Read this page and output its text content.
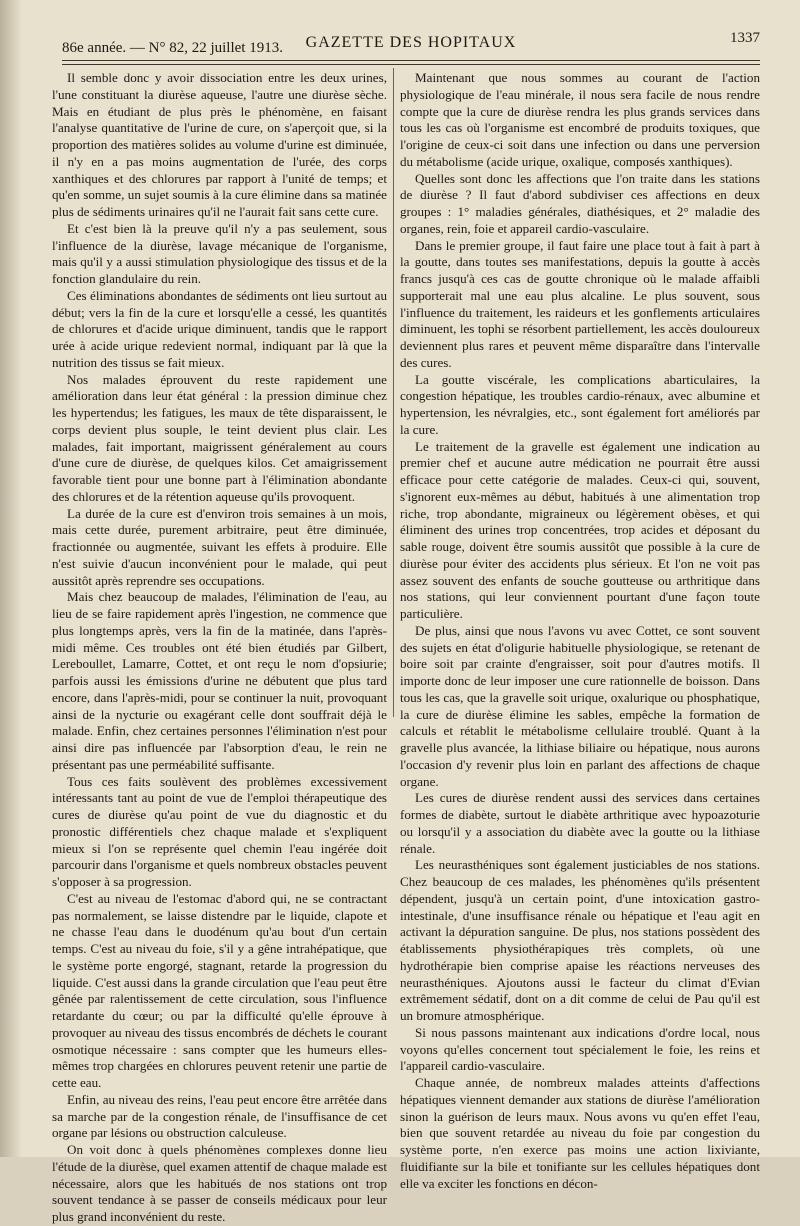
86e année. — N° 82, 22 juillet 1913.	GAZETTE DES HOPITAUX	1337

Il semble donc y avoir dissociation entre les deux urines, l'une constituant la diurèse aqueuse, l'autre une diurèse sèche. Mais en étudiant de plus près le phénomène, en faisant l'analyse quantitative de l'urine de cure, on s'aperçoit que, si la proportion des matières solides au volume d'urine est diminuée, il n'y en a pas moins augmentation de l'urée, des corps xanthiques et des chlorures par rapport à l'unité de temps; et qu'en somme, un sujet soumis à la cure élimine dans sa matinée plus de sédiments urinaires qu'il ne l'aurait fait sans cette cure.

Et c'est bien là la preuve qu'il n'y a pas seulement, sous l'influence de la diurèse, lavage mécanique de l'organisme, mais qu'il y a aussi stimulation physiologique des tissus et de la fonction glandulaire du rein.

Ces éliminations abondantes de sédiments ont lieu surtout au début; vers la fin de la cure et lorsqu'elle a cessé, les quantités de chlorures et d'acide urique diminuent, tandis que le rapport urée à acide urique redevient normal, indiquant par là que la nutrition des tissus se fait mieux.

Nos malades éprouvent du reste rapidement une amélioration dans leur état général : la pression diminue chez les hypertendus; les fatigues, les maux de tête disparaissent, le corps devient plus souple, le teint devient plus clair. Les malades, fait important, maigrissent généralement au cours d'une cure de diurèse, de quelques kilos. Cet amaigrissement favorable tient pour une bonne part à l'élimination abondante des chlorures et de la rétention aqueuse qu'ils provoquent.

La durée de la cure est d'environ trois semaines à un mois, mais cette durée, purement arbitraire, peut être diminuée, fractionnée ou augmentée, suivant les effets à produire. Elle n'est suivie d'aucun inconvénient pour le malade, qui peut aussitôt après reprendre ses occupations.

Mais chez beaucoup de malades, l'élimination de l'eau, au lieu de se faire rapidement après l'ingestion, ne commence que plus longtemps après, vers la fin de la matinée, dans l'après-midi même. Ces troubles ont été bien étudiés par Gilbert, Lereboullet, Lamarre, Cottet, et ont reçu le nom d'opsiurie; parfois aussi les émissions d'urine ne débutent que plus tard encore, dans l'après-midi, pour se continuer la nuit, provoquant ainsi de la nycturie ou exagérant celle dont souffrait déjà le malade. Enfin, chez certaines personnes l'élimination n'est pour ainsi dire pas influencée par l'absorption d'eau, le rein ne présentant pas une perméabilité suffisante.

Tous ces faits soulèvent des problèmes excessivement intéressants tant au point de vue de l'emploi thérapeutique des cures de diurèse qu'au point de vue du diagnostic et du pronostic différentiels chez chaque malade et s'expliquent mieux si l'on se représente quel chemin l'eau ingérée doit parcourir dans l'organisme et quels nombreux obstacles peuvent s'opposer à sa progression.

C'est au niveau de l'estomac d'abord qui, ne se contractant pas normalement, se laisse distendre par le liquide, clapote et ne chasse l'eau dans le duodénum qu'au bout d'un certain temps. C'est au niveau du foie, s'il y a gêne intrahépatique, que le système porte engorgé, stagnant, retarde la progression du liquide. C'est aussi dans la grande circulation que l'eau peut être gênée par ralentissement de cette circulation, sous l'influence retardante du cœur; ou par la difficulté qu'elle éprouve à provoquer au niveau des tissus encombrés de déchets le courant osmotique nécessaire : sans compter que les humeurs elles-mêmes trop chargées en chlorures peuvent retenir une partie de cette eau.

Enfin, au niveau des reins, l'eau peut encore être arrêtée dans sa marche par de la congestion rénale, de l'insuffisance de cet organe par lésions ou obstruction calculeuse.

On voit donc à quels phénomènes complexes donne lieu l'étude de la diurèse, quel examen attentif de chaque malade est nécessaire, alors que les habitués de nos stations ont trop souvent tendance à se passer de conseils médicaux pour leur plus grand inconvénient du reste.

Maintenant que nous sommes au courant de l'action physiologique de l'eau minérale, il nous sera facile de nous rendre compte que la cure de diurèse rendra les plus grands services dans tous les cas où l'organisme est encombré de produits toxiques, que l'origine de ceux-ci soit dans une infection ou dans une perversion du métabolisme (acide urique, oxalique, composés xanthiques).

Quelles sont donc les affections que l'on traite dans les stations de diurèse ? Il faut d'abord subdiviser ces affections en deux groupes : 1° maladies générales, diathésiques, et 2° maladie des organes, rein, foie et appareil cardio-vasculaire.

Dans le premier groupe, il faut faire une place tout à fait à part à la goutte, dans toutes ses manifestations, depuis la goutte à accès francs jusqu'à ces cas de goutte chronique où le malade affaibli supporterait mal une eau plus alcaline. Le plus souvent, sous l'influence du traitement, les raideurs et les gonflements articulaires diminuent, les tophi se résorbent partiellement, les accès douloureux deviennent plus rares et peuvent même disparaître dans l'intervalle des cures.

La goutte viscérale, les complications abarticulaires, la congestion hépatique, les troubles cardio-rénaux, avec albumine et hypertension, les névralgies, etc., sont également fort améliorés par la cure.

Le traitement de la gravelle est également une indication au premier chef et aucune autre médication ne pourrait être aussi efficace pour cette catégorie de malades. Ceux-ci qui, souvent, s'ignorent eux-mêmes au début, habitués à une alimentation trop riche, trop abondante, migraineux ou légèrement obèses, et qui éliminent des urines trop concentrées, trop acides et déposant du sable rouge, doivent être soumis aussitôt que possible à la cure de diurèse pour éviter des accidents plus sérieux. Et l'on ne voit pas assez souvent des enfants de souche goutteuse ou arthritique dans nos stations, qui leur conviennent pourtant d'une façon toute particulière.

De plus, ainsi que nous l'avons vu avec Cottet, ce sont souvent des sujets en état d'oligurie habituelle physiologique, se retenant de boire soit par crainte d'engraisser, soit pour d'autres motifs. Il importe donc de leur imposer une cure rationnelle de boisson. Dans tous les cas, que la gravelle soit urique, oxalurique ou phosphatique, la cure de diurèse élimine les sables, empêche la formation de calculs et rétablit le métabolisme cellulaire troublé. Quant à la gravelle plus avancée, la lithiase biliaire ou hépatique, nous aurons l'occasion d'y revenir plus loin en parlant des affections de chaque organe.

Les cures de diurèse rendent aussi des services dans certaines formes de diabète, surtout le diabète arthritique avec hypoazoturie ou lorsqu'il y a association du diabète avec la goutte ou la lithiase rénale.

Les neurasthéniques sont également justiciables de nos stations. Chez beaucoup de ces malades, les phénomènes qu'ils présentent dépendent, jusqu'à un certain point, d'une intoxication gastro-intestinale, d'une insuffisance rénale ou hépatique et l'eau agit en activant la dépuration sanguine. De plus, nos stations possèdent des établissements physiothérapiques très complets, où une hydrothérapie bien comprise apaise les réactions nerveuses des neurasthéniques. Ajoutons aussi le facteur du climat d'Evian extrêmement sédatif, dont on a dit comme de celui de Pau qu'il est un bromure atmosphérique.

Si nous passons maintenant aux indications d'ordre local, nous voyons qu'elles concernent tout spécialement le foie, les reins et l'appareil cardio-vasculaire.

Chaque année, de nombreux malades atteints d'affections hépatiques viennent demander aux stations de diurèse l'amélioration sinon la guérison de leurs maux. Nous avons vu qu'en effet l'eau, bien que souvent retardée au niveau du foie par congestion du système porte, n'en exerce pas moins une action lixiviante, fluidifiante sur la bile et tonifiante sur les cellules hépatiques dont elle va exciter les fonctions en décon-
